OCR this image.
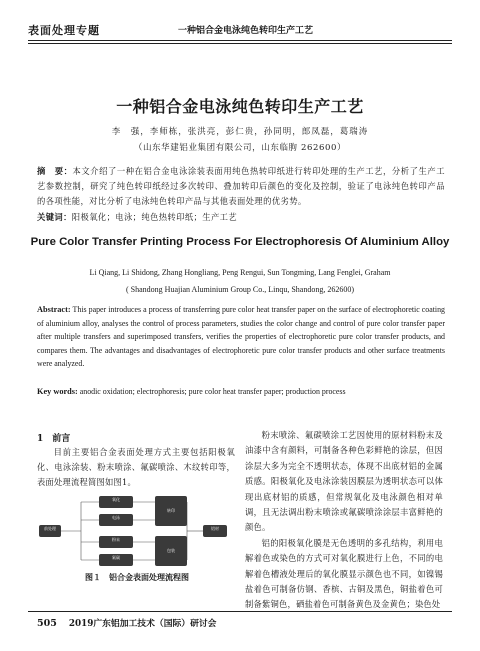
表面处理专题	一种铝合金电泳纯色转印生产工艺
一种铝合金电泳纯色转印生产工艺
李　强，李师栋，张洪亮，彭仁贵，孙同明，郎凤磊，葛瑞涛
（山东华建铝业集团有限公司，山东临朐 262600）
摘　要：本文介绍了一种在铝合金电泳涂装表面用纯色热转印纸进行转印处理的生产工艺，分析了生产工艺参数控制，研究了纯色转印纸经过多次转印、叠加转印后颜色的变化及控制，验证了电泳纯色转印产品的各项性能，对比分析了电泳纯色转印产品与其他表面处理的优劣势。
关键词：阳极氧化；电泳；纯色热转印纸；生产工艺
Pure Color Transfer Printing Process For Electrophoresis Of Aluminium Alloy
Li Qiang, Li Shidong, Zhang Hongliang, Peng Rengui, Sun Tongming, Lang Fenglei, Graham
( Shandong Huajian Aluminium Group Co., Linqu, Shandong, 262600)
Abstract: This paper introduces a process of transferring pure color heat transfer paper on the surface of electrophoretic coating of aluminium alloy, analyses the control of process parameters, studies the color change and control of pure color transfer paper after multiple transfers and superimposed transfers, verifies the properties of electrophoretic pure color transfer products, and compares them. The advantages and disadvantages of electrophoretic pure color transfer products and other surface treatments were analyzed.
Key words: anodic oxidation; electrophoresis; pure color heat transfer paper; production process
1　前言

目前主要铝合金表面处理方式主要包括阳极氧化、电泳涂装、粉末喷涂、氟碳喷涂、木纹转印等，表面处理流程简图如图1。

前处理
氧化
电泳
粉末
氟碳
转印
包装
铝材
图１　铝合金表面处理流程图

粉末喷涂、氟碳喷涂工艺因使用的原材料粉末及油漆中含有颜料，可制备各种色彩鲜艳的涂层，但因涂层大多为完全不透明状态，体现不出底材铝的金属质感。阳极氧化及电泳涂装因膜层为透明状态可以体现出底材铝的质感，但常规氧化及电泳颜色相对单调，且无法调出粉末喷涂或氟碳喷涂涂层丰富鲜艳的颜色。

铝的阳极氧化膜是无色透明的多孔结构，利用电解着色或染色的方式可对氧化膜进行上色，不同的电解着色槽液处理后的氧化膜显示颜色也不同，如镍锡盐着色可制备仿钢、香槟、古铜及黑色，铜盐着色可制备紫铜色，硒盐着色可制备黄色及金黄色；染色处

505 2019广东铝加工技术（国际）研讨会
